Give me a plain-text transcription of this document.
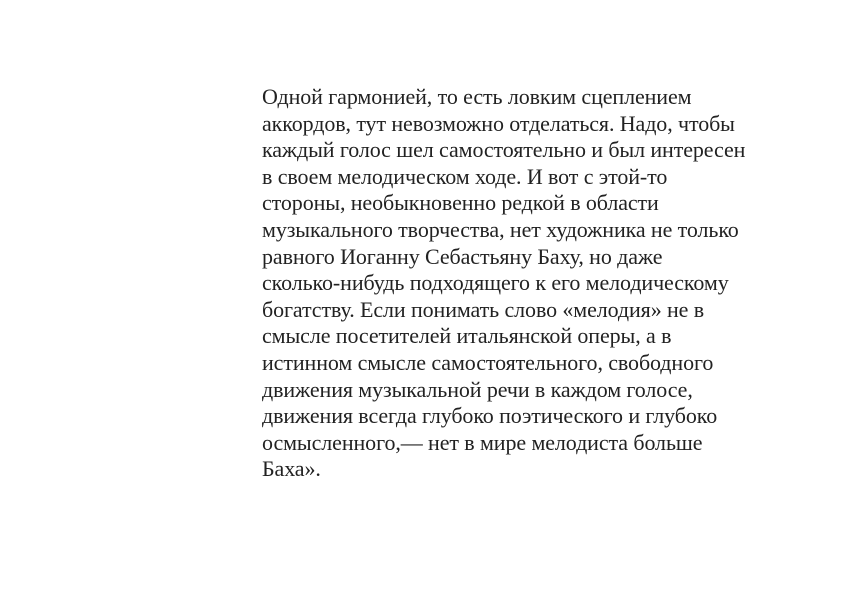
Одной гармонией, то есть ловким сцеплением
аккордов, тут невозможно отделаться. Надо, чтобы
каждый голос шел самостоятельно и был интересен
в своем мелодическом ходе. И вот с этой-то
стороны, необыкновенно редкой в области
музыкального творчества, нет художника не только
равного Иоганну Себастьяну Баху, но даже
сколько-нибудь подходящего к его мелодическому
богатству. Если понимать слово «мелодия» не в
смысле посетителей итальянской оперы, а в
истинном смысле самостоятельного, свободного
движения музыкальной речи в каждом голосе,
движения всегда глубоко поэтического и глубоко
осмысленного,— нет в мире мелодиста больше
Баха».
